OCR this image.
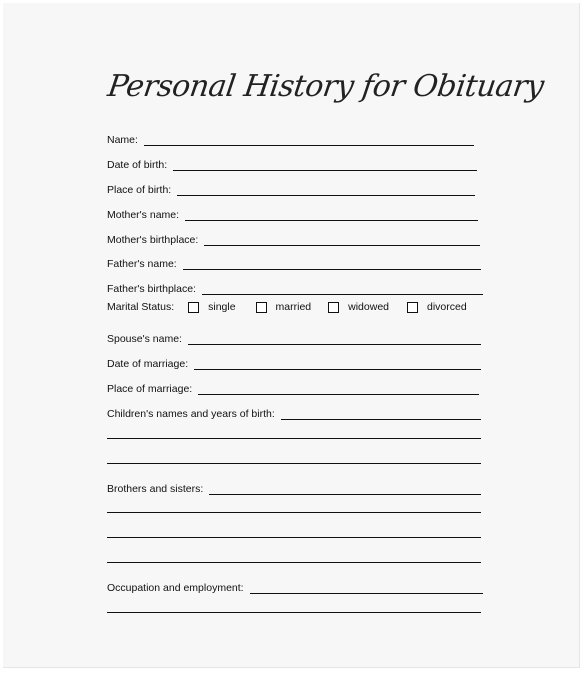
Personal History for Obituary
Name:
Date of birth:
Place of birth:
Mother's name:
Mother's birthplace:
Father's name:
Father's birthplace:
Marital Status:	single	married	widowed	divorced
Spouse's name:
Date of marriage:
Place of marriage:
Children's names and years of birth:
Brothers and sisters:
Occupation and employment:
